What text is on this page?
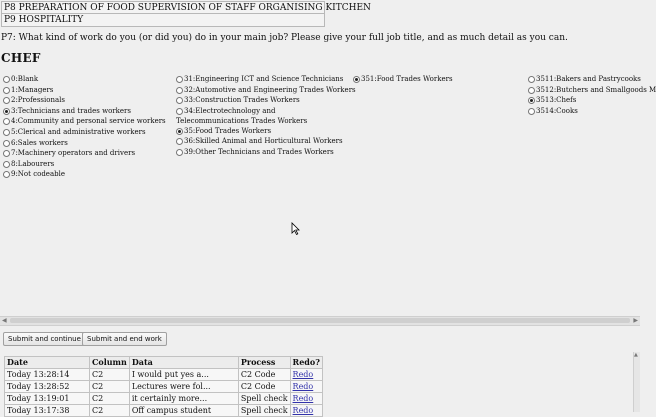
P8 PREPARATION OF FOOD SUPERVISION OF STAFF ORGANISING KITCHEN
P9 HOSPITALITY
P7: What kind of work do you (or did you) do in your main job? Please give your full job title, and as much detail as you can.
CHEF
0:Blank
1:Managers
2:Professionals
3:Technicians and trades workers
4:Community and personal service workers
5:Clerical and administrative workers
6:Sales workers
7:Machinery operators and drivers
8:Labourers
9:Not codeable
31:Engineering ICT and Science Technicians
32:Automotive and Engineering Trades Workers
33:Construction Trades Workers
34:Electrotechnology and Telecommunications Trades Workers
35:Food Trades Workers
36:Skilled Animal and Horticultural Workers
39:Other Technicians and Trades Workers
351:Food Trades Workers	3511:Bakers and Pastrycooks
3512:Butchers and Smallgoods M
3513:Chefs
3514:Cooks
◀	▶
Submit and continue Submit and end work
Date	Column	Data	Process	Redo?
Today 13:28:14	C2	I would put yes a...	C2 Code	Redo
Today 13:28:52	C2	Lectures were fol...	C2 Code	Redo
Today 13:19:01	C2	it certainly more...	Spell check	Redo
Today 13:17:38	C2	Off campus student	Spell check	Redo
▲
